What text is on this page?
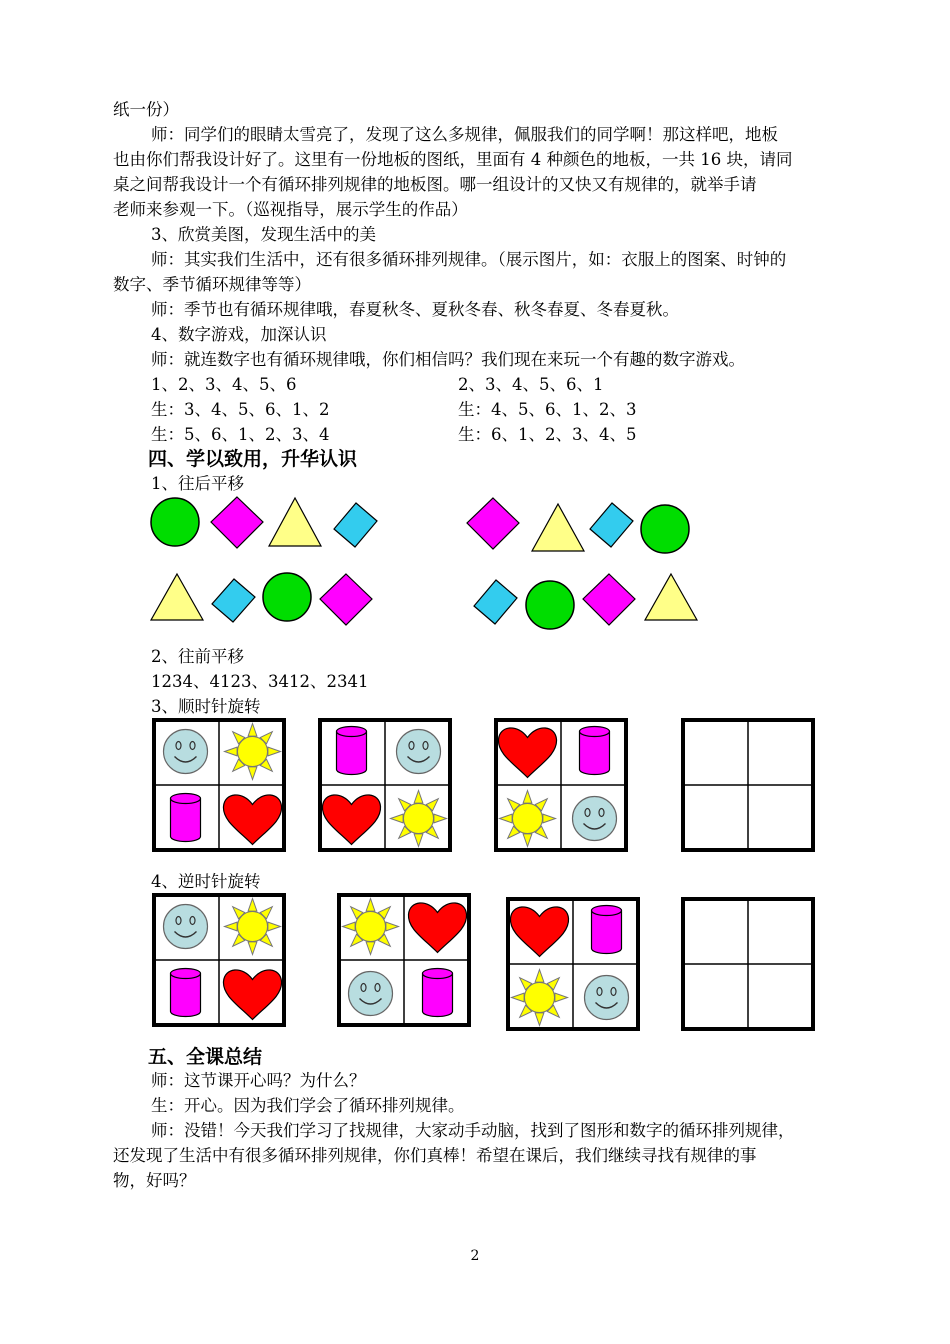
纸一份）
师：同学们的眼睛太雪亮了，发现了这么多规律，佩服我们的同学啊！那这样吧，地板
也由你们帮我设计好了。这里有一份地板的图纸，里面有 4 种颜色的地板，一共 16 块，请同
桌之间帮我设计一个有循环排列规律的地板图。哪一组设计的又快又有规律的，就举手请
老师来参观一下。（巡视指导，展示学生的作品）
3、欣赏美图，发现生活中的美
师：其实我们生活中，还有很多循环排列规律。（展示图片，如：衣服上的图案、时钟的
数字、季节循环规律等等）
师：季节也有循环规律哦，春夏秋冬、夏秋冬春、秋冬春夏、冬春夏秋。
4、数字游戏，加深认识
师：就连数字也有循环规律哦，你们相信吗？我们现在来玩一个有趣的数字游戏。
1、2、3、4、5、6
生：3、4、5、6、1、2
生：5、6、1、2、3、4
2、3、4、5、6、1
生：4、5、6、1、2、3
生：6、1、2、3、4、5
四、学以致用，升华认识
1、往后平移
2、往前平移
1234、4123、3412、2341
3、顺时针旋转
4、逆时针旋转
五、全课总结
师：这节课开心吗？为什么？
生：开心。因为我们学会了循环排列规律。
师：没错！今天我们学习了找规律，大家动手动脑，找到了图形和数字的循环排列规律，
还发现了生活中有很多循环排列规律，你们真棒！希望在课后，我们继续寻找有规律的事
物，好吗？
2
